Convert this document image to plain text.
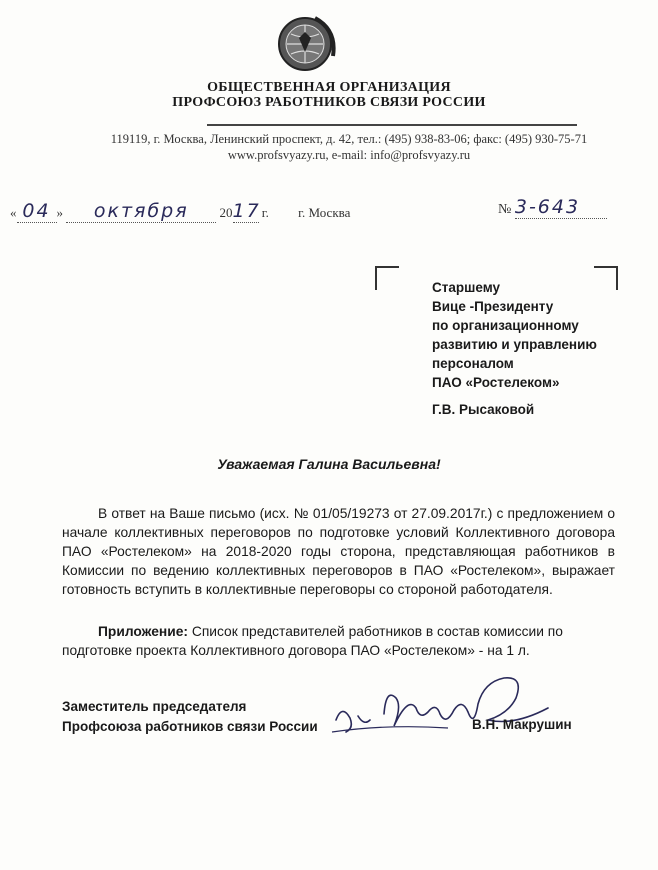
ОБЩЕСТВЕННАЯ ОРГАНИЗАЦИЯ
ПРОФСОЮЗ РАБОТНИКОВ СВЯЗИ РОССИИ
119119, г. Москва, Ленинский проспект, д. 42, тел.: (495) 938-83-06; факс: (495) 930-75-71
www.profsvyazy.ru, e-mail: info@profsvyazy.ru
« 04 » октября 2017 г. г. Москва	№ 3-643
Старшему
Вице -Президенту
по организационному
развитию и управлению
персоналом
ПАО «Ростелеком»
Г.В. Рысаковой
Уважаемая Галина Васильевна!

В ответ на Ваше письмо (исх. № 01/05/19273 от 27.09.2017г.) с предложением о начале коллективных переговоров по подготовке условий Коллективного договора ПАО «Ростелеком» на 2018-2020 годы сторона, представляющая работников в Комиссии по ведению коллективных переговоров в ПАО «Ростелеком», выражает готовность вступить в коллективные переговоры со стороной работодателя.

Приложение: Список представителей работников в состав комиссии по подготовке проекта Коллективного договора ПАО «Ростелеком» - на 1 л.

Заместитель председателя
Профсоюза работников связи России	В.Н. Макрушин
